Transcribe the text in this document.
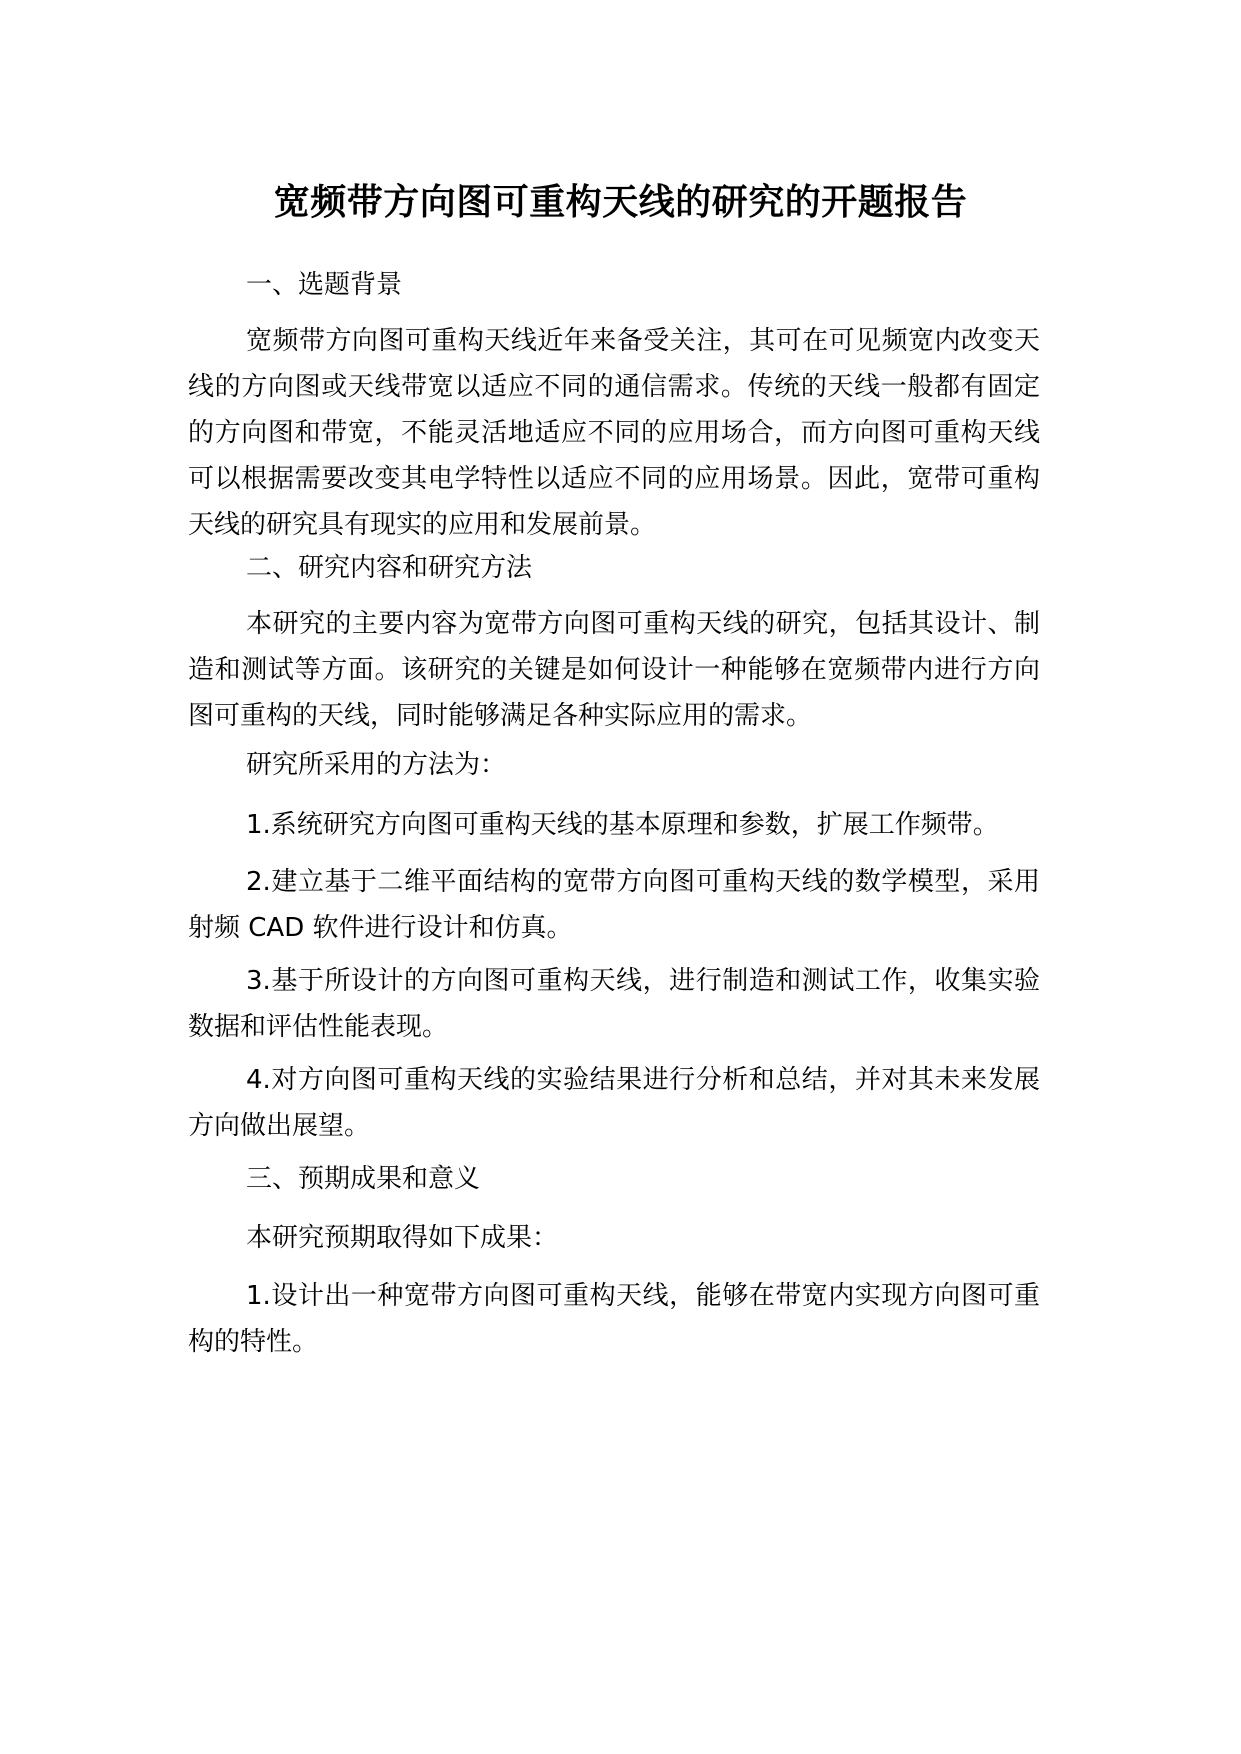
宽频带方向图可重构天线的研究的开题报告

一、选题背景

宽频带方向图可重构天线近年来备受关注，其可在可见频宽内改变天线的方向图或天线带宽以适应不同的通信需求。传统的天线一般都有固定的方向图和带宽，不能灵活地适应不同的应用场合，而方向图可重构天线可以根据需要改变其电学特性以适应不同的应用场景。因此，宽带可重构天线的研究具有现实的应用和发展前景。

二、研究内容和研究方法

本研究的主要内容为宽带方向图可重构天线的研究，包括其设计、制造和测试等方面。该研究的关键是如何设计一种能够在宽频带内进行方向图可重构的天线，同时能够满足各种实际应用的需求。

研究所采用的方法为：

1.系统研究方向图可重构天线的基本原理和参数，扩展工作频带。

2.建立基于二维平面结构的宽带方向图可重构天线的数学模型，采用射频 CAD 软件进行设计和仿真。

3.基于所设计的方向图可重构天线，进行制造和测试工作，收集实验数据和评估性能表现。

4.对方向图可重构天线的实验结果进行分析和总结，并对其未来发展方向做出展望。

三、预期成果和意义

本研究预期取得如下成果：

1.设计出一种宽带方向图可重构天线，能够在带宽内实现方向图可重构的特性。
